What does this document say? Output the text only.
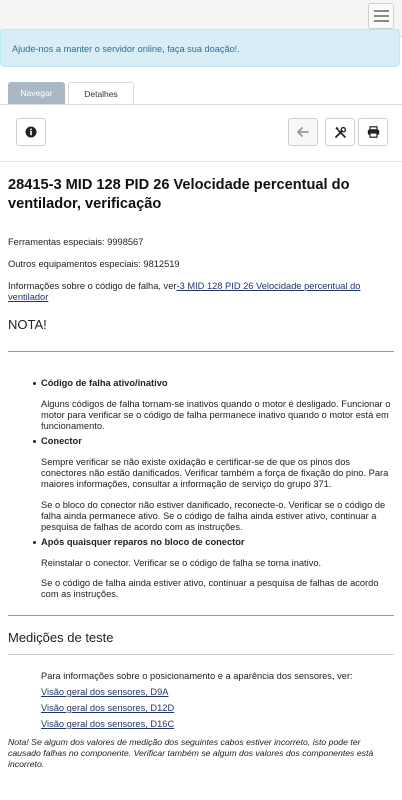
Ajude-nos a manter o servidor online, faça sua doação!.
Navegar	Detalhes
28415-3 MID 128 PID 26 Velocidade percentual do ventilador, verificação

Ferramentas especiais: 9998567

Outros equipamentos especiais: 9812519

Informações sobre o código de falha, ver-3 MID 128 PID 26 Velocidade percentual do ventilador

NOTA!
Código de falha ativo/inativo

Alguns códigos de falha tornam-se inativos quando o motor é desligado. Funcionar o motor para verificar se o código de falha permanece inativo quando o motor está em funcionamento.

Conector

Sempre verificar se não existe oxidação e certificar-se de que os pinos dos conectores não estão danificados. Verificar também a força de fixação do pino. Para maiores informações, consultar a informação de serviço do grupo 371.

Se o bloco do conector não estiver danificado, reconecte-o. Verificar se o código de falha ainda permanece ativo. Se o código de falha ainda estiver ativo, continuar a pesquisa de falhas de acordo com as instruções.

Após quaisquer reparos no bloco de conector

Reinstalar o conector. Verificar se o código de falha se torna inativo.

Se o código de falha ainda estiver ativo, continuar a pesquisa de falhas de acordo com as instruções.

Medições de teste

Para informações sobre o posicionamento e a aparência dos sensores, ver:

Visão geral dos sensores, D9A

Visão geral dos sensores, D12D

Visão geral dos sensores, D16C

Nota! Se algum dos valores de medição dos seguintes cabos estiver incorreto, isto pode ter causado falhas no componente. Verificar também se algum dos valores dos componentes está incorreto.
